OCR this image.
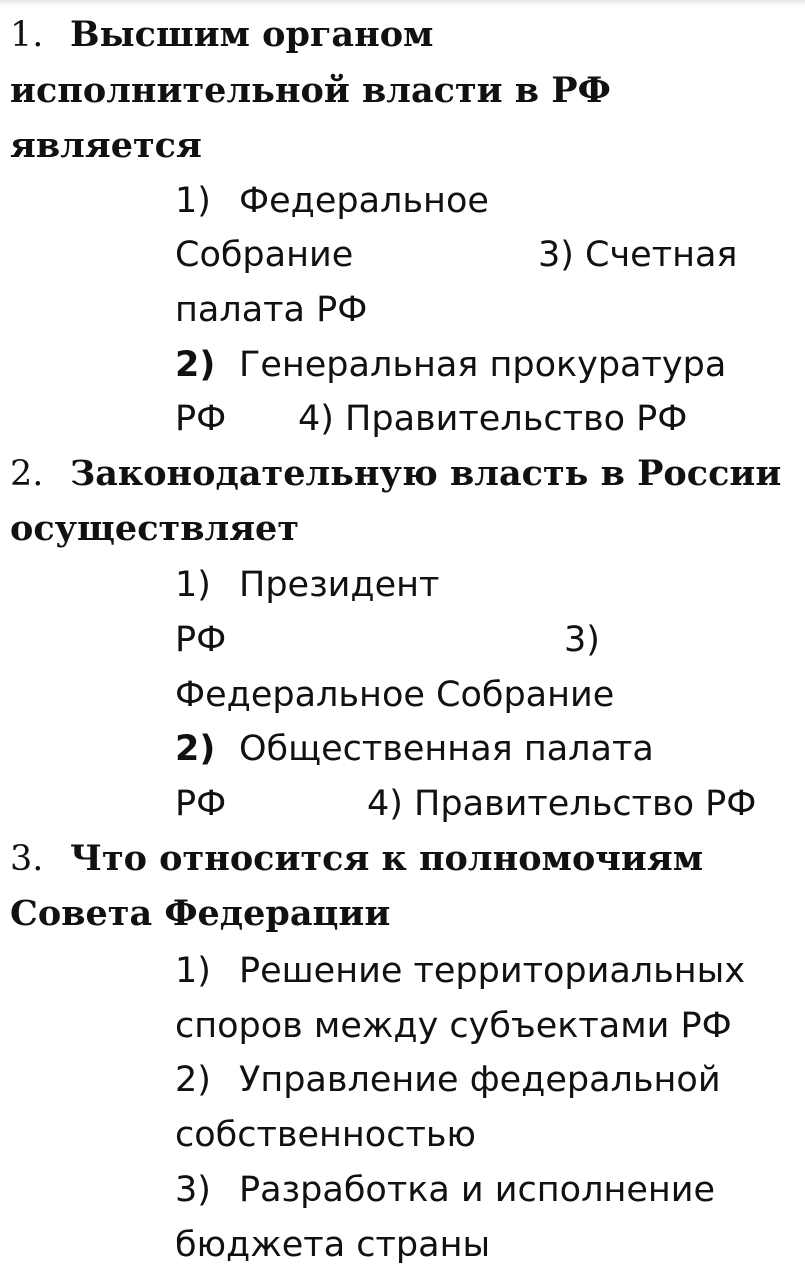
1. Высшим органом
исполнительной власти в РФ
является
1) Федеральное
Собрание	3) Счетная
палата РФ
2) Генеральная прокуратура
РФ 4) Правительство РФ
2. Законодательную власть в России
осуществляет
1) Президент
РФ	3)
Федеральное Собрание
2) Общественная палата
РФ	4) Правительство РФ
3. Что относится к полномочиям
Совета Федерации
1) Решение территориальных
споров между субъектами РФ
2) Управление федеральной
собственностью
3) Разработка и исполнение
бюджета страны
